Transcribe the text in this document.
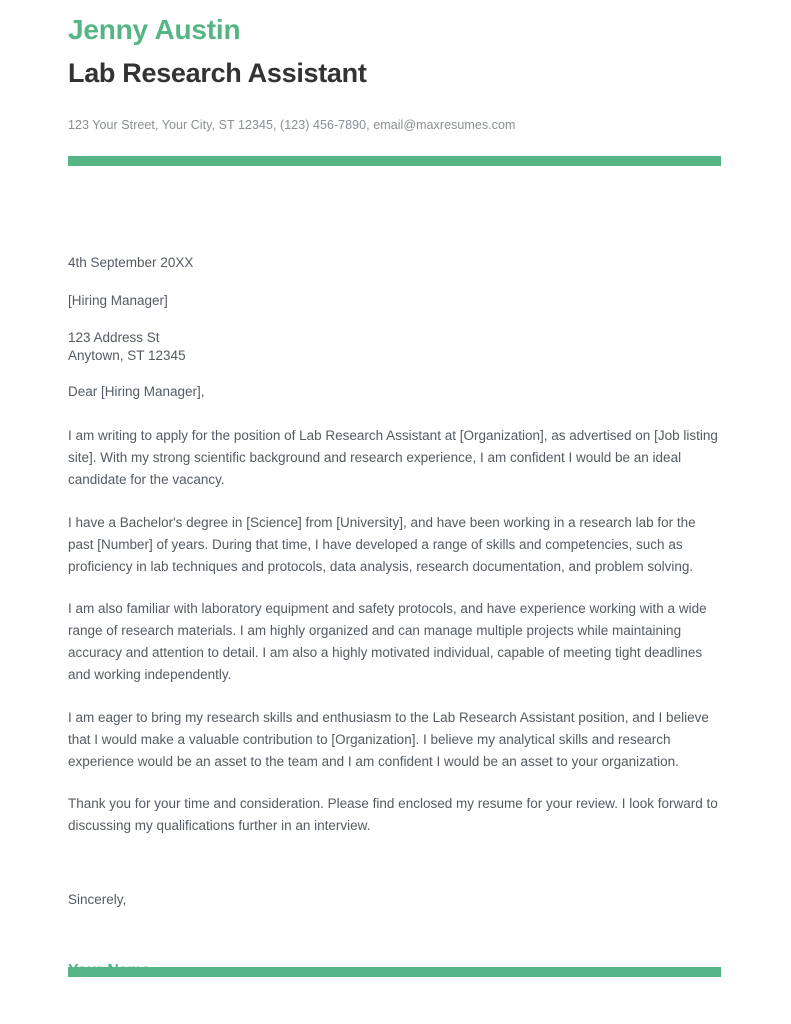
Jenny Austin
Lab Research Assistant
123 Your Street, Your City, ST 12345, (123) 456-7890, email@maxresumes.com
4th September 20XX
[Hiring Manager]
123 Address St
Anytown, ST 12345
Dear [Hiring Manager],

I am writing to apply for the position of Lab Research Assistant at [Organization], as advertised on [Job listing site]. With my strong scientific background and research experience, I am confident I would be an ideal candidate for the vacancy.

I have a Bachelor's degree in [Science] from [University], and have been working in a research lab for the past [Number] of years. During that time, I have developed a range of skills and competencies, such as proficiency in lab techniques and protocols, data analysis, research documentation, and problem solving.

I am also familiar with laboratory equipment and safety protocols, and have experience working with a wide range of research materials. I am highly organized and can manage multiple projects while maintaining accuracy and attention to detail. I am also a highly motivated individual, capable of meeting tight deadlines and working independently.

I am eager to bring my research skills and enthusiasm to the Lab Research Assistant position, and I believe that I would make a valuable contribution to [Organization]. I believe my analytical skills and research experience would be an asset to the team and I am confident I would be an asset to your organization.

Thank you for your time and consideration. Please find enclosed my resume for your review. I look forward to discussing my qualifications further in an interview.

Sincerely,
